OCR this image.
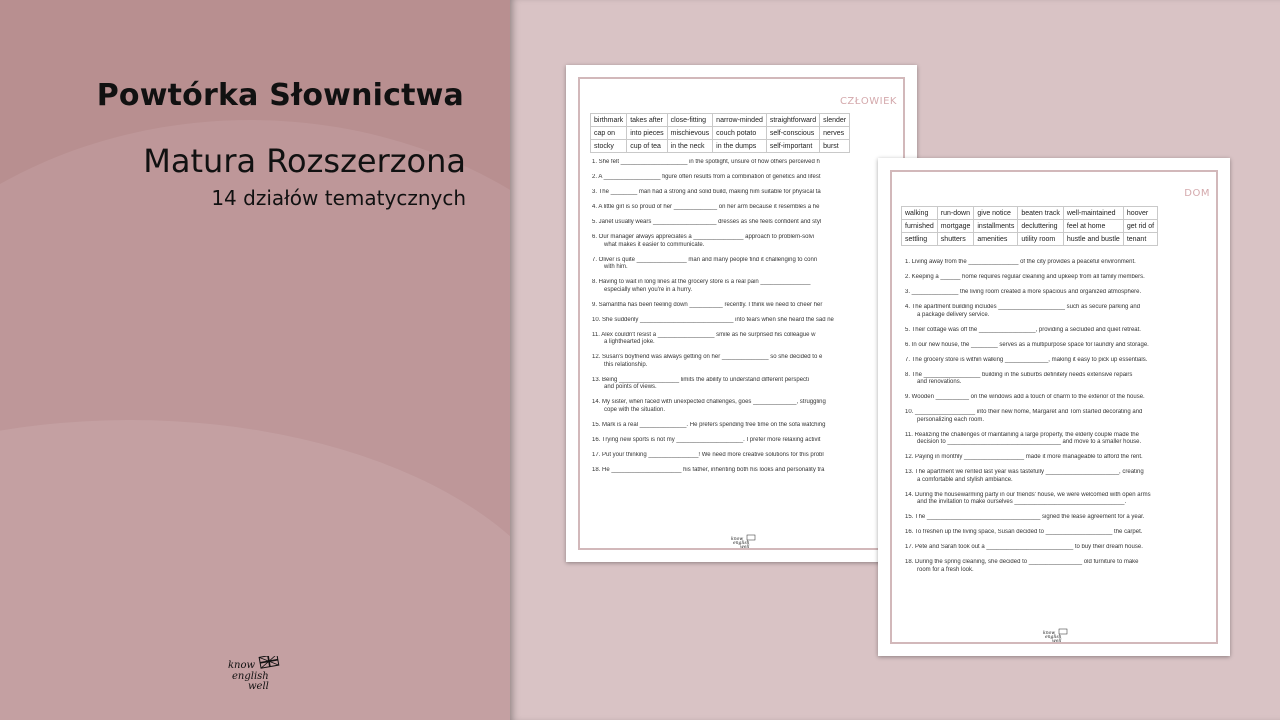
Powtórka Słownictwa
Matura Rozszerzona
14 działów tematycznych
know
english
well
CZŁOWIEK
birthmark	takes after	close-fitting	narrow-minded	straightforward	slender
cap on	into pieces	mischievous	couch potato	self-conscious	nerves
stocky	cup of tea	in the neck	in the dumps	self-important	burst
1. She felt ____________________ in the spotlight, unsure of how others perceived h
2. A _________________ figure often results from a combination of genetics and lifest
3. The ________ man had a strong and solid build, making him suitable for physical ta
4. A little girl is so proud of her _____________ on her arm because it resembles a he
5. Janet usually wears ___________________ dresses as she feels confident and styl
6. Our manager always appreciates a _______________ approach to problem-solvi
what makes it easier to communicate.
7. Oliver is quite _______________ man and many people find it challenging to conn
with him.
8. Having to wait in long lines at the grocery store is a real pain _______________
especially when you're in a hurry.
9. Samantha has been feeling down __________ recently. I think we need to cheer her
10. She suddenly ____________________________ into tears when she heard the sad ne
11. Alex couldn't resist a _________________ smile as he surprised his colleague w
a lighthearted joke.
12. Susan's boyfriend was always getting on her ______________ so she decided to e
this relationship.
13. Being __________________ limits the ability to understand different perspecti
and points of views.
14. My sister, when faced with unexpected challenges, goes _____________, struggling
cope with the situation.
15. Mark is a real ______________. He prefers spending free time on the sofa watching
16. Trying new sports is not my ____________________. I prefer more relaxing activit
17. Put your thinking _______________! We need more creative solutions for this probl
18. He _____________________ his father, inheriting both his looks and personality tra
know
english
well
DOM
walking	run-down	give notice	beaten track	well-maintained	hoover
furnished	mortgage	installments	decluttering	feel at home	get rid of
settling	shutters	amenities	utility room	hustle and bustle	tenant
1. Living away from the _______________ of the city provides a peaceful environment.
2. Keeping a ______ home requires regular cleaning and upkeep from all family members.
3. ______________ the living room created a more spacious and organized atmosphere.
4. The apartment building includes ____________________ such as secure parking and
a package delivery service.
5. Their cottage was off the _________________, providing a secluded and quiet retreat.
6. In our new house, the ________ serves as a multipurpose space for laundry and storage.
7. The grocery store is within walking _____________, making it easy to pick up essentials.
8. The _________________ building in the suburbs definitely needs extensive repairs
and renovations.
9. Wooden __________ on the windows add a touch of charm to the exterior of the house.
10. __________________ into their new home, Margaret and Tom started decorating and
personalizing each room.
11. Realizing the challenges of maintaining a large property, the elderly couple made the
decision to __________________________________ and move to a smaller house.
12. Paying in monthly __________________ made it more manageable to afford the rent.
13. The apartment we rented last year was tastefully ______________________, creating
a comfortable and stylish ambiance.
14. During the housewarming party in our friends' house, we were welcomed with open arms
and the invitation to make ourselves _________________________________.
15. The __________________________________ signed the lease agreement for a year.
16. To freshen up the living space, Susan decided to ____________________ the carpet.
17. Pete and Sarah took out a __________________________ to buy their dream house.
18. During the spring cleaning, she decided to ________________ old furniture to make
room for a fresh look.
know
english
well
